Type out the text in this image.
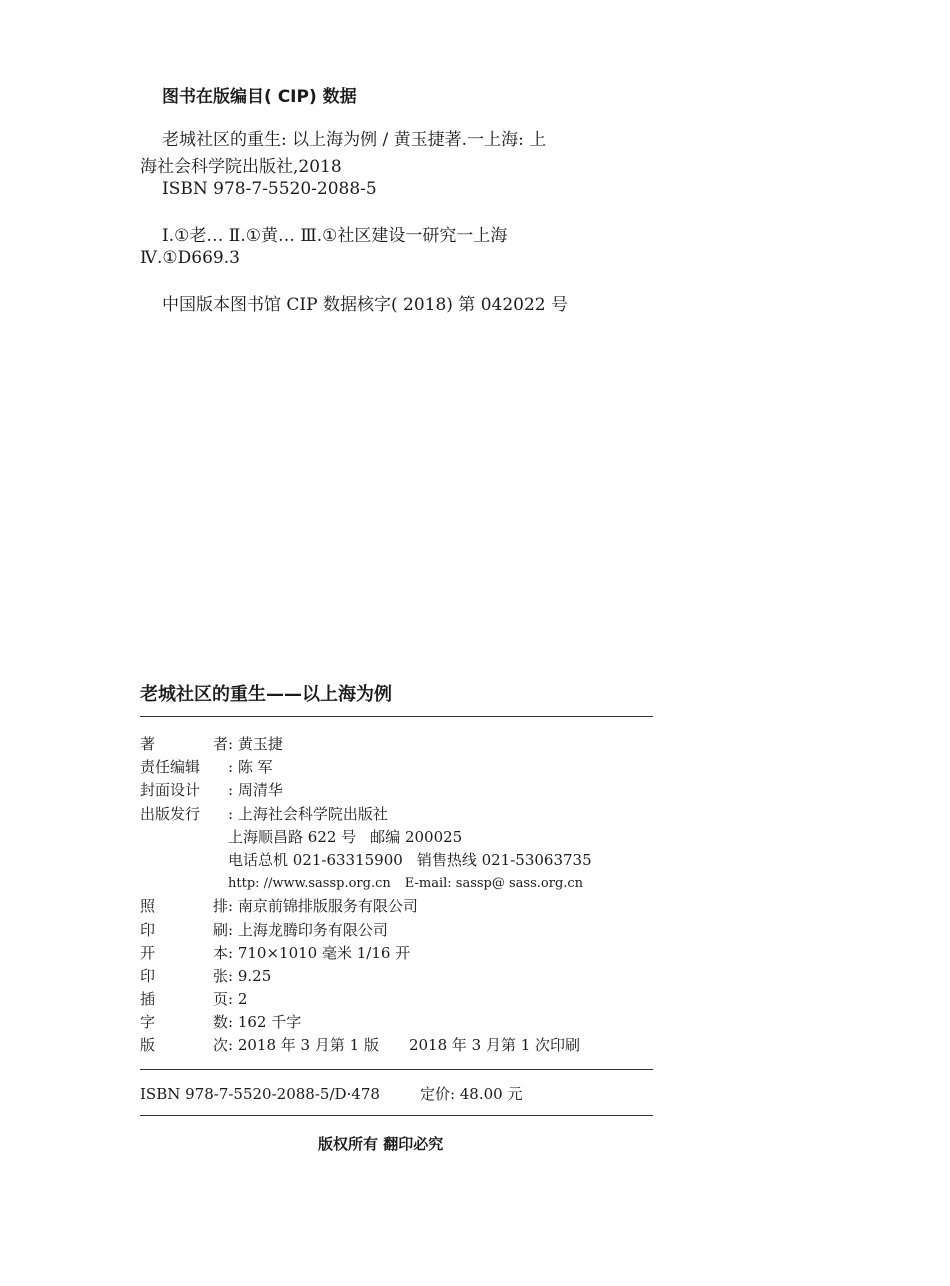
图书在版编目( CIP) 数据
老城社区的重生: 以上海为例 / 黄玉捷著.一上海: 上
海社会科学院出版社,2018
ISBN 978-7-5520-2088-5
Ⅰ.①老… Ⅱ.①黄… Ⅲ.①社区建设一研究一上海
Ⅳ.①D669.3
中国版本图书馆 CIP 数据核字( 2018) 第 042022 号
老城社区的重生——以上海为例
著	者 :
黄玉捷
责任编辑	:
陈 军
封面设计	:
周清华
出版发行	:
上海社会科学院出版社
上海顺昌路 622 号 邮编 200025
电话总机 021-63315900 销售热线 021-53063735
http: //www.sassp.org.cn E-mail: sassp@ sass.org.cn
照	排 :
南京前锦排版服务有限公司
印	刷 :
上海龙腾印务有限公司
开	本 :
710×1010 毫米 1/16 开
印	张 :
9.25
插	页 :
2
字	数 :
162 千字
版	次 :
2018 年 3 月第 1 版 2018 年 3 月第 1 次印刷
ISBN 978-7-5520-2088-5/D·478	定价: 48.00 元
版权所有 翻印必究
